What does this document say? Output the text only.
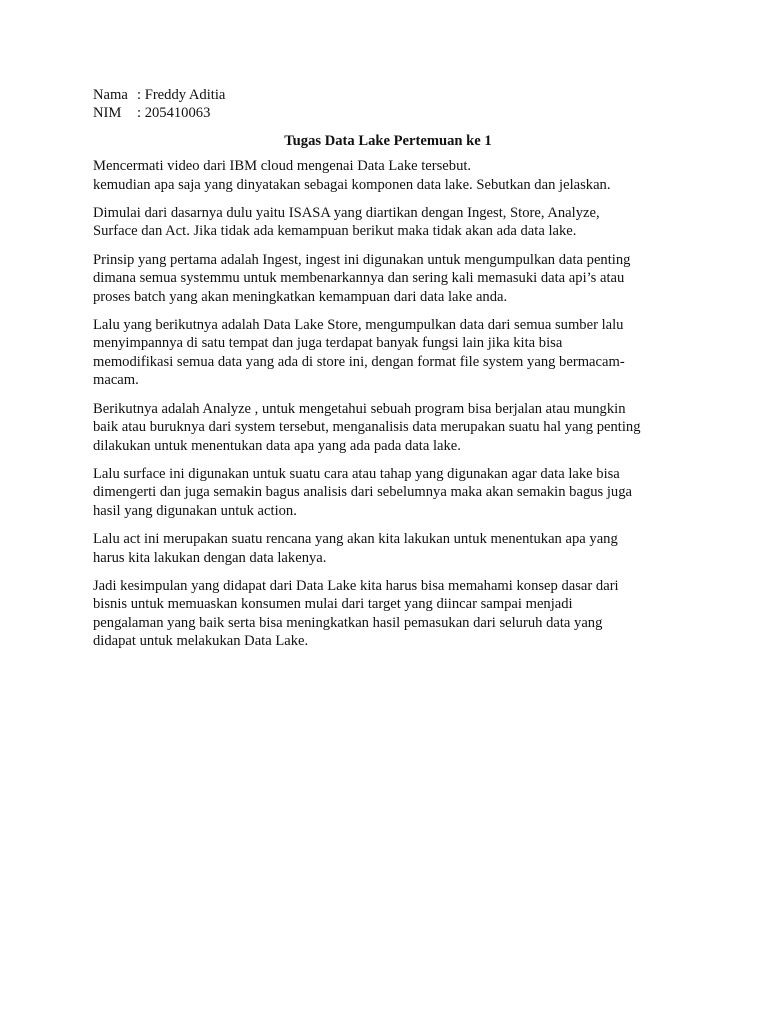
Nama : Freddy Aditia
NIM	: 205410063
Tugas Data Lake Pertemuan ke 1

Mencermati video dari IBM cloud mengenai Data Lake tersebut.
kemudian apa saja yang dinyatakan sebagai komponen data lake. Sebutkan dan jelaskan.

Dimulai dari dasarnya dulu yaitu ISASA yang diartikan dengan Ingest, Store, Analyze,
Surface dan Act. Jika tidak ada kemampuan berikut maka tidak akan ada data lake.

Prinsip yang pertama adalah Ingest, ingest ini digunakan untuk mengumpulkan data penting
dimana semua systemmu untuk membenarkannya dan sering kali memasuki data api’s atau
proses batch yang akan meningkatkan kemampuan dari data lake anda.

Lalu yang berikutnya adalah Data Lake Store, mengumpulkan data dari semua sumber lalu
menyimpannya di satu tempat dan juga terdapat banyak fungsi lain jika kita bisa
memodifikasi semua data yang ada di store ini, dengan format file system yang bermacam-
macam.

Berikutnya adalah Analyze , untuk mengetahui sebuah program bisa berjalan atau mungkin
baik atau buruknya dari system tersebut, menganalisis data merupakan suatu hal yang penting
dilakukan untuk menentukan data apa yang ada pada data lake.

Lalu surface ini digunakan untuk suatu cara atau tahap yang digunakan agar data lake bisa
dimengerti dan juga semakin bagus analisis dari sebelumnya maka akan semakin bagus juga
hasil yang digunakan untuk action.

Lalu act ini merupakan suatu rencana yang akan kita lakukan untuk menentukan apa yang
harus kita lakukan dengan data lakenya.

Jadi kesimpulan yang didapat dari Data Lake kita harus bisa memahami konsep dasar dari
bisnis untuk memuaskan konsumen mulai dari target yang diincar sampai menjadi
pengalaman yang baik serta bisa meningkatkan hasil pemasukan dari seluruh data yang
didapat untuk melakukan Data Lake.
